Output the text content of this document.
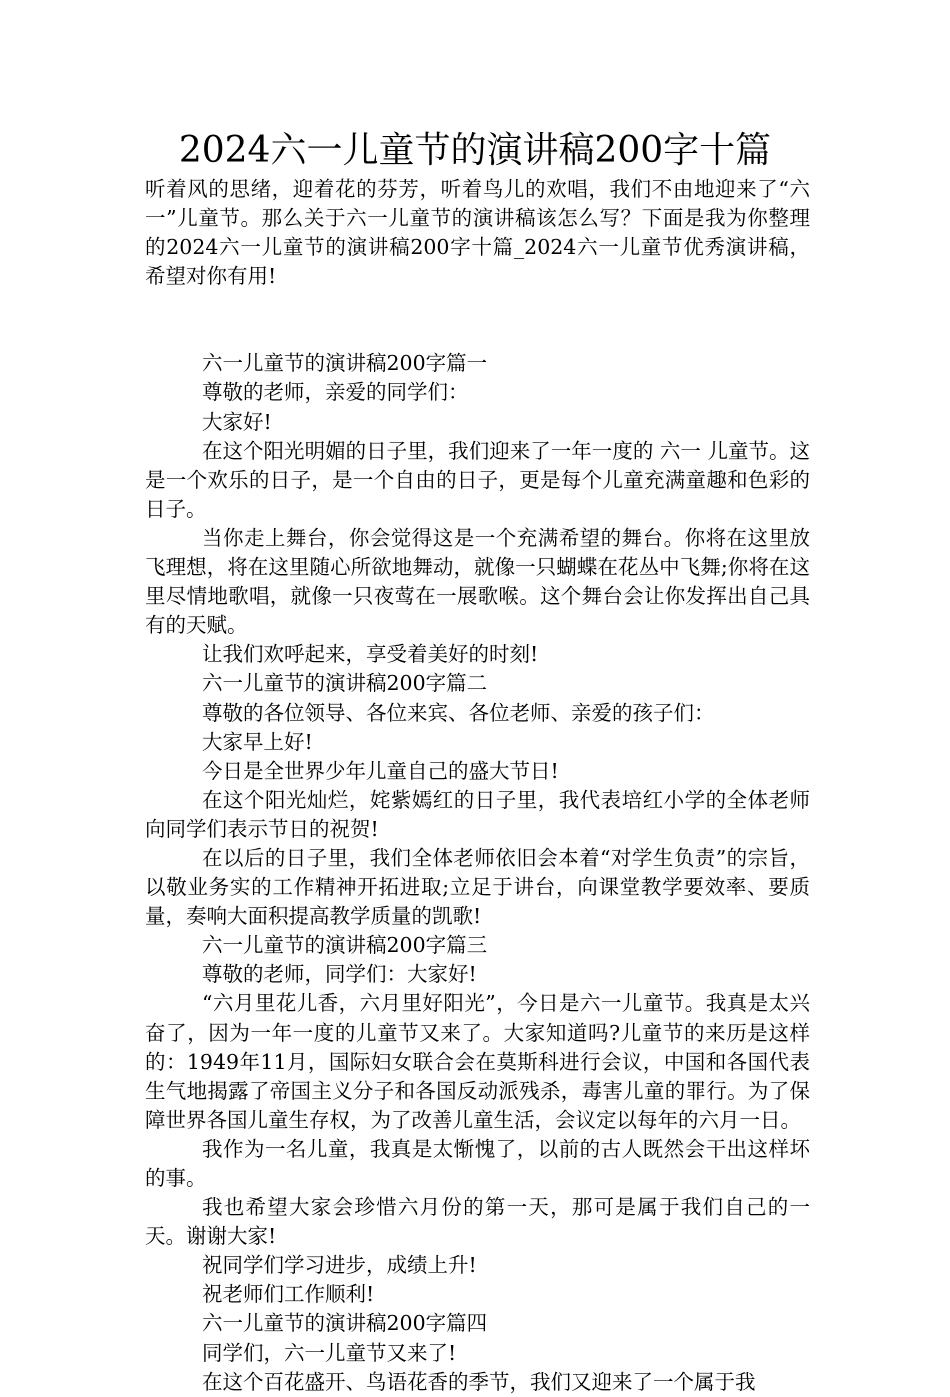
2024六一儿童节的演讲稿200字十篇

听着风的思绪，迎着花的芬芳，听着鸟儿的欢唱，我们不由地迎来了“六一”儿童节。那么关于六一儿童节的演讲稿该怎么写？下面是我为你整理的2024六一儿童节的演讲稿200字十篇_2024六一儿童节优秀演讲稿，希望对你有用!

六一儿童节的演讲稿200字篇一

尊敬的老师，亲爱的同学们：

大家好!

在这个阳光明媚的日子里，我们迎来了一年一度的 六一 儿童节。这是一个欢乐的日子，是一个自由的日子，更是每个儿童充满童趣和色彩的日子。

当你走上舞台，你会觉得这是一个充满希望的舞台。你将在这里放飞理想，将在这里随心所欲地舞动，就像一只蝴蝶在花丛中飞舞;你将在这里尽情地歌唱，就像一只夜莺在一展歌喉。这个舞台会让你发挥出自己具有的天赋。

让我们欢呼起来，享受着美好的时刻!

六一儿童节的演讲稿200字篇二

尊敬的各位领导、各位来宾、各位老师、亲爱的孩子们：

大家早上好!

今日是全世界少年儿童自己的盛大节日!

在这个阳光灿烂，姹紫嫣红的日子里，我代表培红小学的全体老师向同学们表示节日的祝贺!

在以后的日子里，我们全体老师依旧会本着“对学生负责”的宗旨，以敬业务实的工作精神开拓进取;立足于讲台，向课堂教学要效率、要质量，奏响大面积提高教学质量的凯歌!

六一儿童节的演讲稿200字篇三

尊敬的老师，同学们：大家好!

“六月里花儿香，六月里好阳光”，今日是六一儿童节。我真是太兴奋了，因为一年一度的儿童节又来了。大家知道吗?儿童节的来历是这样的：1949年11月，国际妇女联合会在莫斯科进行会议，中国和各国代表生气地揭露了帝国主义分子和各国反动派残杀，毒害儿童的罪行。为了保障世界各国儿童生存权，为了改善儿童生活，会议定以每年的六月一日。

我作为一名儿童，我真是太惭愧了，以前的古人既然会干出这样坏的事。

我也希望大家会珍惜六月份的第一天，那可是属于我们自己的一天。谢谢大家!

祝同学们学习进步，成绩上升!

祝老师们工作顺利!

六一儿童节的演讲稿200字篇四

同学们，六一儿童节又来了!

在这个百花盛开、鸟语花香的季节，我们又迎来了一个属于我
